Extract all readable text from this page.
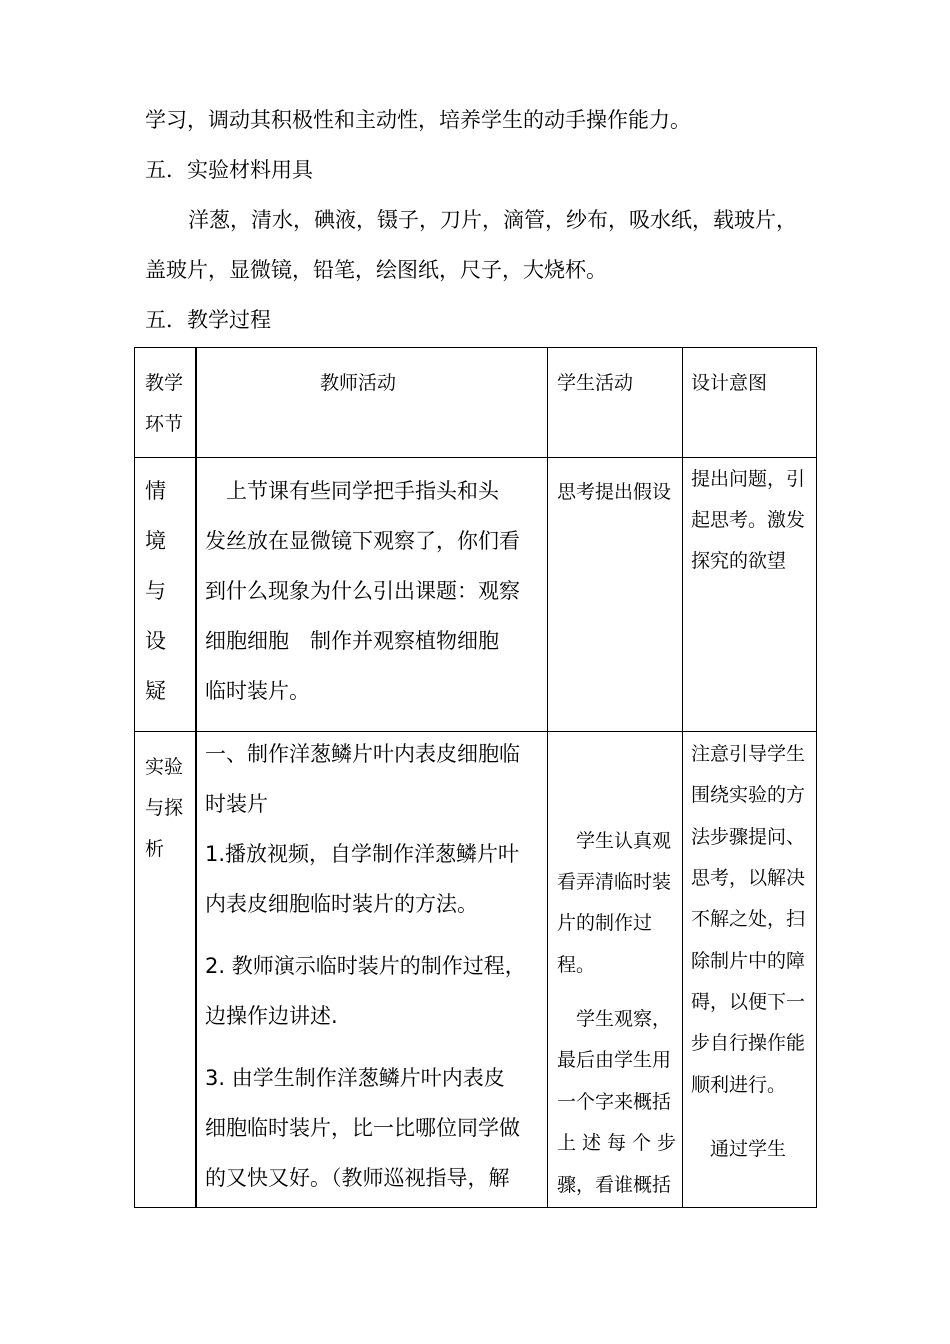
学习，调动其积极性和主动性，培养学生的动手操作能力。
五．实验材料用具
洋葱，清水，碘液，镊子，刀片，滴管，纱布，吸水纸，载玻片，
盖玻片，显微镜，铅笔，绘图纸，尺子，大烧杯。
五．教学过程
教学
环节
教师活动	学生活动	设计意图
情
境
与
设
疑
　上节课有些同学把手指头和头
发丝放在显微镜下观察了，你们看
到什么现象为什么引出课题：观察
细胞细胞　制作并观察植物细胞
临时装片。
思考提出假设
提出问题，引
起思考。激发
探究的欲望
实验
与探
析
一、制作洋葱鳞片叶内表皮细胞临
时装片
1.播放视频，自学制作洋葱鳞片叶
内表皮细胞临时装片的方法。
2. 教师演示临时装片的制作过程，
边操作边讲述.
3. 由学生制作洋葱鳞片叶内表皮
细胞临时装片，比一比哪位同学做
的又快又好。（教师巡视指导，解
　学生认真观
看弄清临时装
片的制作过
程。
　学生观察，
最后由学生用
一个字来概括
上述每个步
骤，看谁概括
注意引导学生
围绕实验的方
法步骤提问、
思考，以解决
不解之处，扫
除制片中的障
碍，以便下一
步自行操作能
顺利进行。
　通过学生
